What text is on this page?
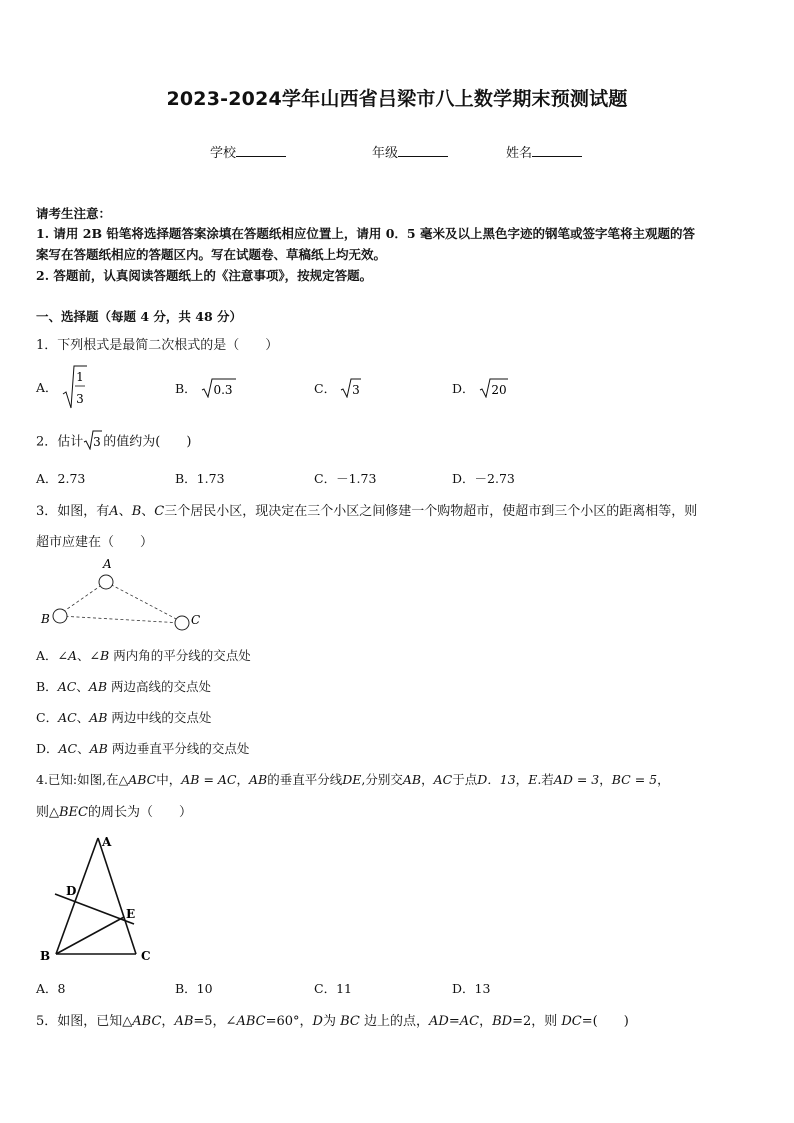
2023-2024学年山西省吕梁市八上数学期末预测试题
学校	年级	姓名
请考生注意：
1. 请用 2B 铅笔将选择题答案涂填在答题纸相应位置上，请用 0．5 毫米及以上黑色字迹的钢笔或签字笔将主观题的答
案写在答题纸相应的答题区内。写在试题卷、草稿纸上均无效。
2. 答题前，认真阅读答题纸上的《注意事项》，按规定答题。
一、选择题（每题 4 分，共 48 分）
1．下列根式是最简二次根式的是（　　）
A．
1
3
B． 0.3	C． 3	D． 20
2．估计 3 的值约为(　　)
A．2.73	B．1.73	C．－1.73	D．－2.73
3．如图，有A、B、C三个居民小区，现决定在三个小区之间修建一个购物超市，使超市到三个小区的距离相等，则
超市应建在（　　）
A
B	C
A．∠A、∠B 两内角的平分线的交点处
B．AC、AB 两边高线的交点处
C．AC、AB 两边中线的交点处
D．AC、AB 两边垂直平分线的交点处
4.已知:如图,在△ABC中，AB = AC，AB的垂直平分线DE,分别交AB，AC于点D．13，E.若AD = 3，BC = 5，
则△BEC的周长为（　　）
A
D
E
B	C
A．8	B．10	C．11	D．13
5．如图，已知△ABC，AB=5，∠ABC=60°，D为 BC 边上的点，AD=AC，BD=2，则 DC=(　　)
